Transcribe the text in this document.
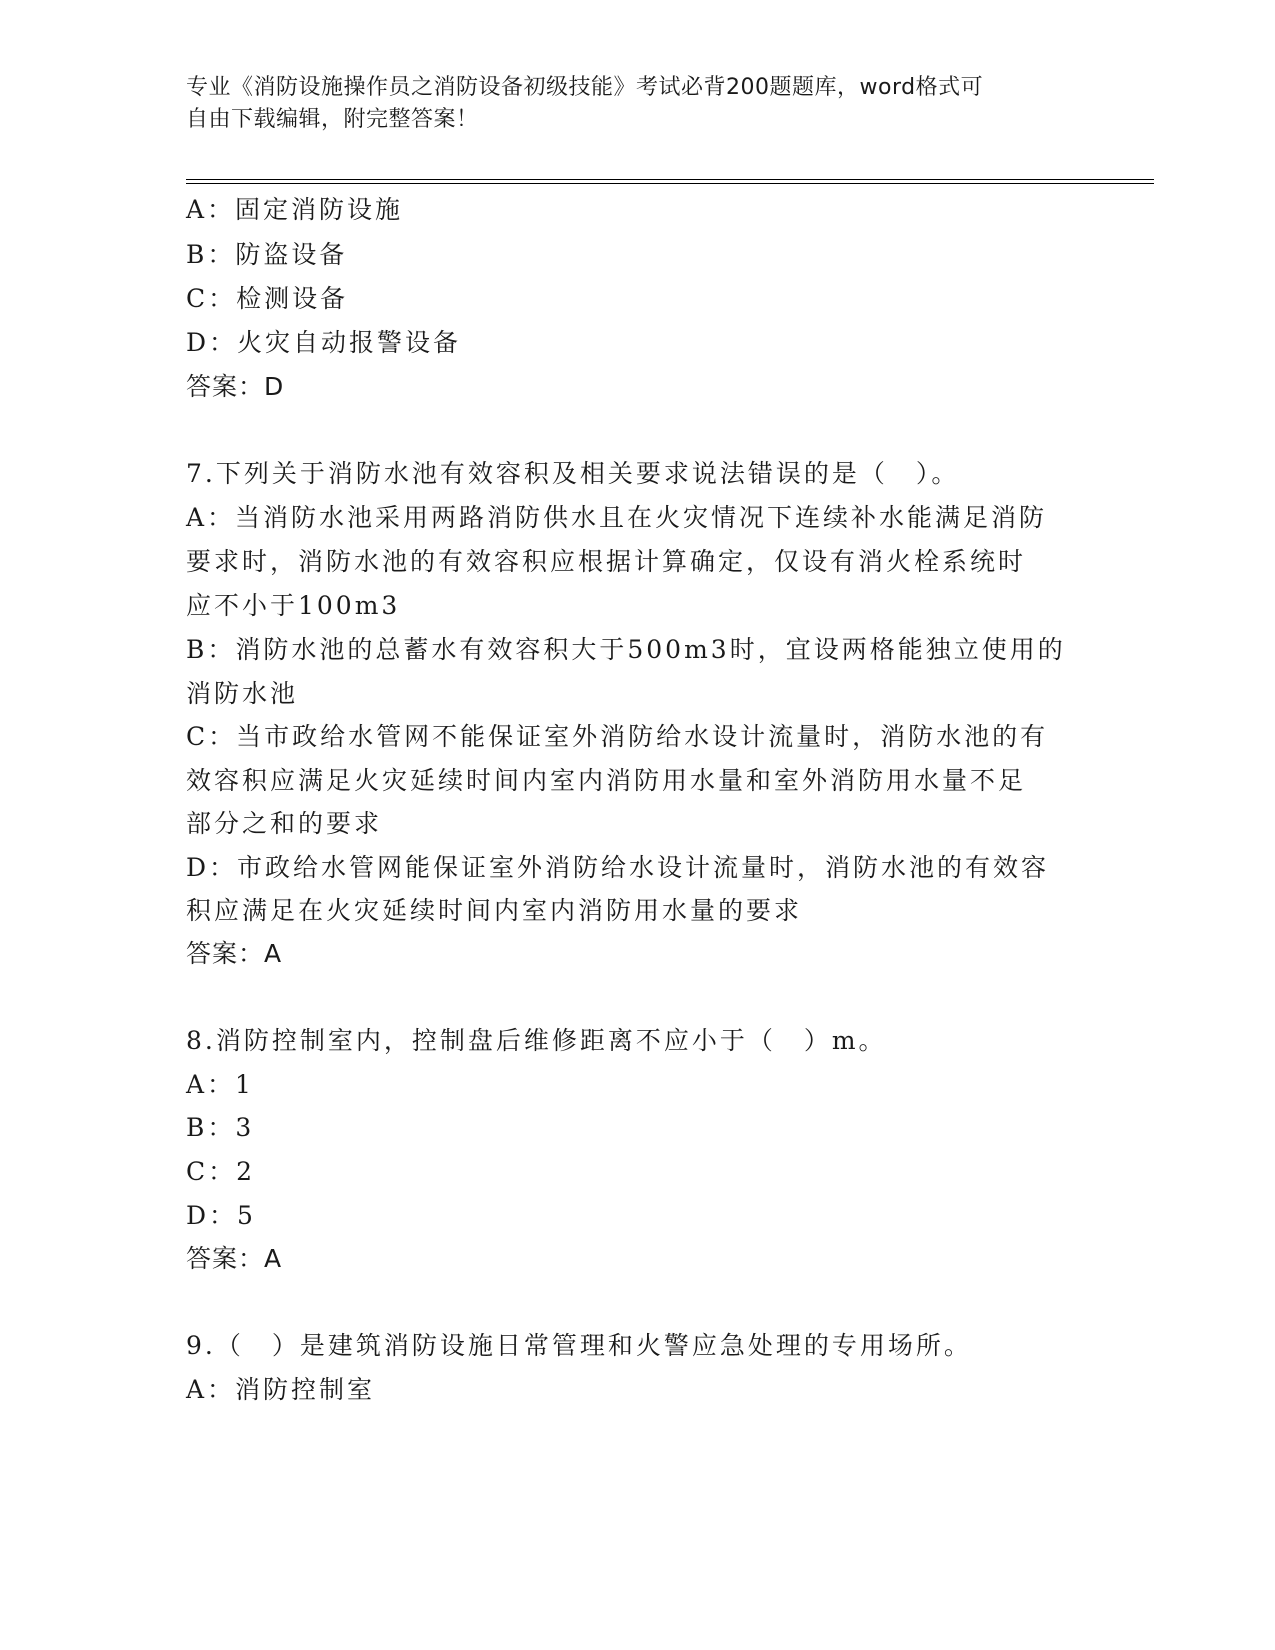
专业《消防设施操作员之消防设备初级技能》考试必背200题题库，word格式可
自由下载编辑，附完整答案！
A：固定消防设施
B：防盗设备
C：检测设备
D：火灾自动报警设备
答案：D
7.下列关于消防水池有效容积及相关要求说法错误的是（　）。
A：当消防水池采用两路消防供水且在火灾情况下连续补水能满足消防
要求时，消防水池的有效容积应根据计算确定，仅设有消火栓系统时
应不小于100m3
B：消防水池的总蓄水有效容积大于500m3时，宜设两格能独立使用的
消防水池
C：当市政给水管网不能保证室外消防给水设计流量时，消防水池的有
效容积应满足火灾延续时间内室内消防用水量和室外消防用水量不足
部分之和的要求
D：市政给水管网能保证室外消防给水设计流量时，消防水池的有效容
积应满足在火灾延续时间内室内消防用水量的要求
答案：A
8.消防控制室内，控制盘后维修距离不应小于（　）m。
A：1
B：3
C：2
D：5
答案：A
9.（　）是建筑消防设施日常管理和火警应急处理的专用场所。
A：消防控制室
